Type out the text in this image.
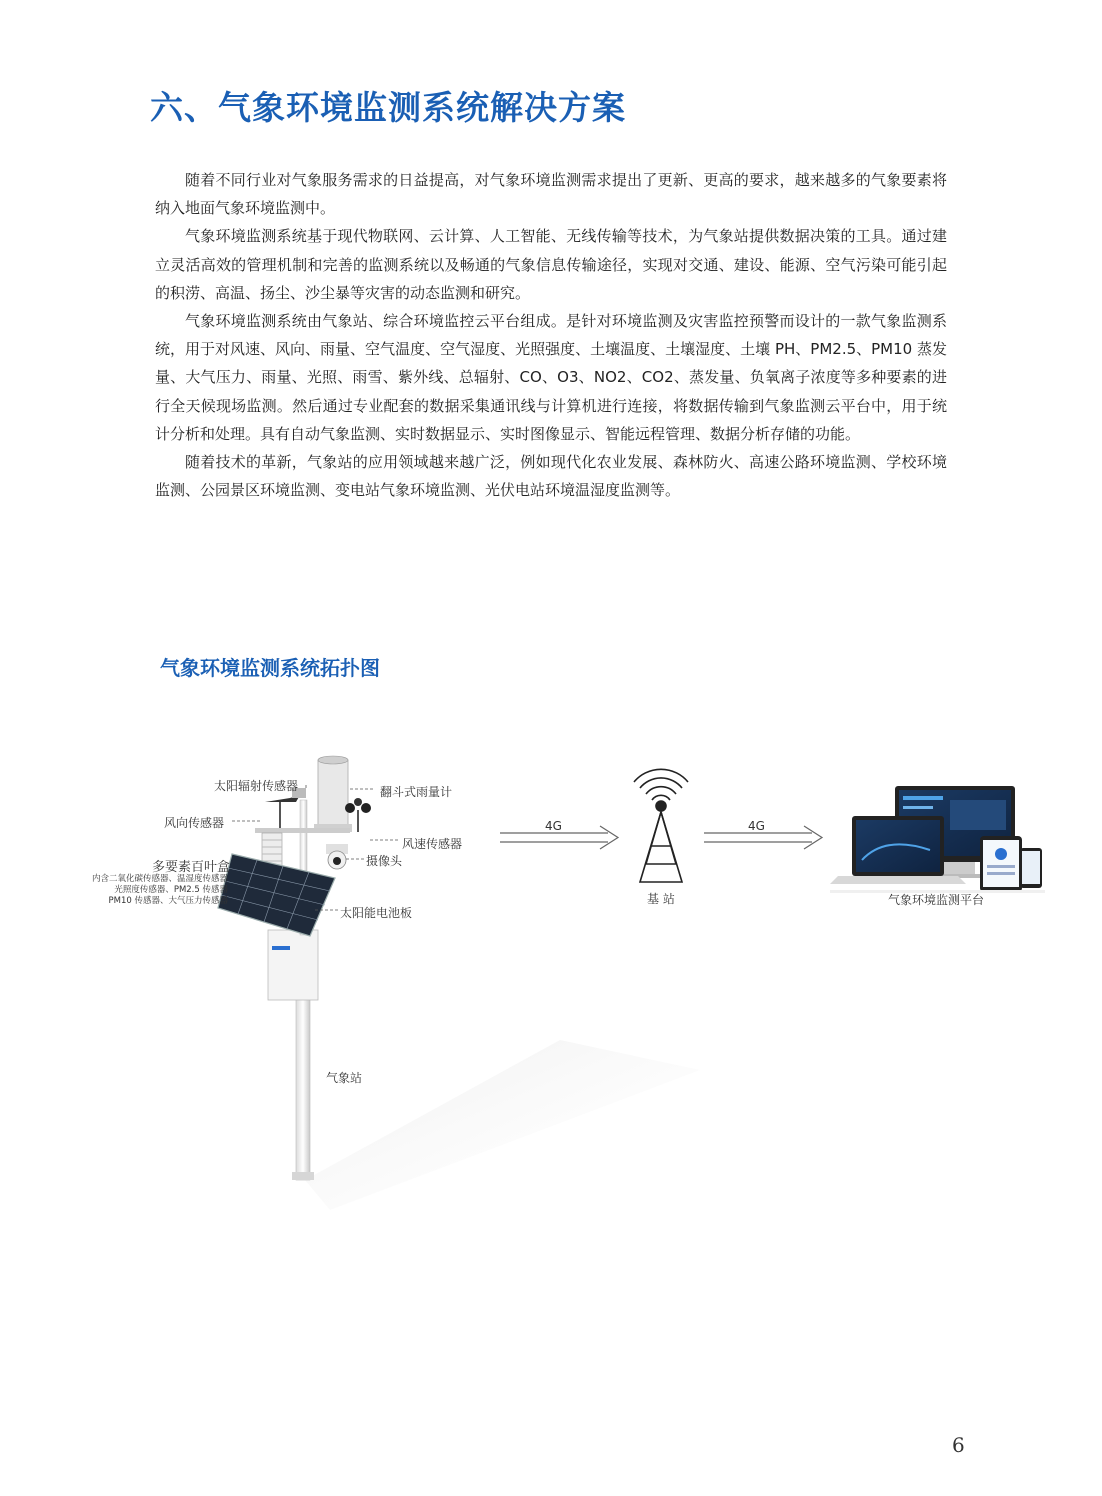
六、气象环境监测系统解决方案

随着不同行业对气象服务需求的日益提高，对气象环境监测需求提出了更新、更高的要求，越来越多的气象要素将纳入地面气象环境监测中。

气象环境监测系统基于现代物联网、云计算、人工智能、无线传输等技术，为气象站提供数据决策的工具。通过建立灵活高效的管理机制和完善的监测系统以及畅通的气象信息传输途径，实现对交通、建设、能源、空气污染可能引起的积涝、高温、扬尘、沙尘暴等灾害的动态监测和研究。

气象环境监测系统由气象站、综合环境监控云平台组成。是针对环境监测及灾害监控预警而设计的一款气象监测系统，用于对风速、风向、雨量、空气温度、空气湿度、光照强度、土壤温度、土壤湿度、土壤 PH、PM2.5、PM10 蒸发量、大气压力、雨量、光照、雨雪、紫外线、总辐射、CO、O3、NO2、CO2、蒸发量、负氧离子浓度等多种要素的进行全天候现场监测。然后通过专业配套的数据采集通讯线与计算机进行连接，将数据传输到气象监测云平台中，用于统计分析和处理。具有自动气象监测、实时数据显示、实时图像显示、智能远程管理、数据分析存储的功能。

随着技术的革新，气象站的应用领域越来越广泛，例如现代化农业发展、森林防火、高速公路环境监测、学校环境监测、公园景区环境监测、变电站气象环境监测、光伏电站环境温湿度监测等。

气象环境监测系统拓扑图
太阳辐射传感器	翻斗式雨量计
风向传感器
风速传感器
多要素百叶盒
内含二氧化碳传感器、温湿度传感器
光照度传感器、PM2.5 传感器
PM10 传感器、大气压力传感器
摄像头
太阳能电池板
气象站
4G	4G
基 站	气象环境监测平台
6
